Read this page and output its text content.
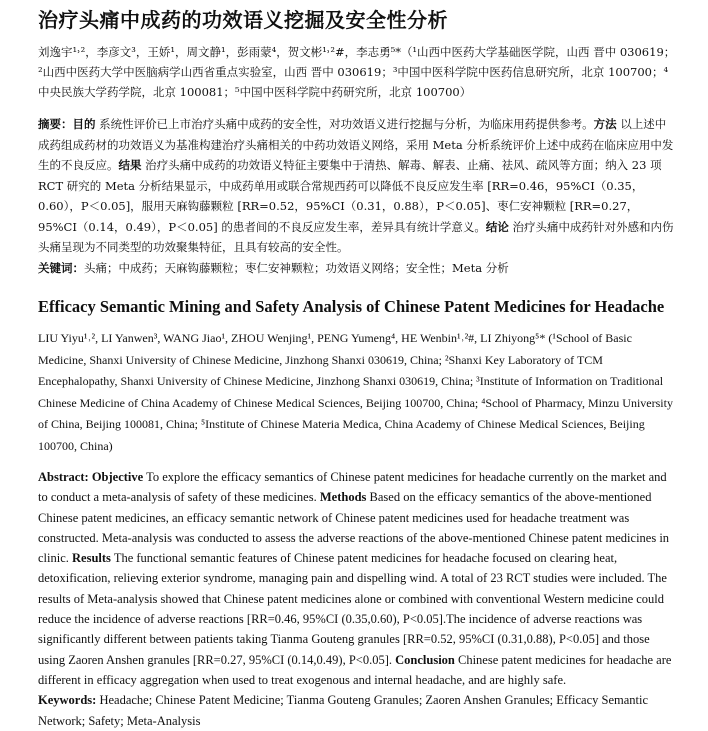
治疗头痛中成药的功效语义挖掘及安全性分析

刘逸宇¹˒²，李彦文³，王娇¹，周文静¹，彭雨蒙⁴，贺文彬¹˒²#，李志勇⁵*（¹山西中医药大学基础医学院，山西 晋中 030619；²山西中医药大学中医脑病学山西省重点实验室，山西 晋中 030619；³中国中医科学院中医药信息研究所，北京 100700；⁴中央民族大学药学院，北京 100081；⁵中国中医科学院中药研究所，北京 100700）

摘要：目的 系统性评价已上市治疗头痛中成药的安全性，对功效语义进行挖掘与分析，为临床用药提供参考。方法 以上述中成药组成药材的功效语义为基准构建治疗头痛相关的中药功效语义网络，采用 Meta 分析系统评价上述中成药在临床应用中发生的不良反应。结果 治疗头痛中成药的功效语义特征主要集中于清热、解毒、解表、止痛、祛风、疏风等方面；纳入 23 项 RCT 研究的 Meta 分析结果显示，中成药单用或联合常规西药可以降低不良反应发生率 [RR=0.46，95%CI（0.35，0.60），P＜0.05]，服用天麻钩藤颗粒 [RR=0.52，95%CI（0.31，0.88），P＜0.05]、枣仁安神颗粒 [RR=0.27，95%CI（0.14，0.49），P＜0.05] 的患者间的不良反应发生率，差异具有统计学意义。结论 治疗头痛中成药针对外感和内伤头痛呈现为不同类型的功效聚集特征，且具有较高的安全性。

关键词：头痛；中成药；天麻钩藤颗粒；枣仁安神颗粒；功效语义网络；安全性；Meta 分析

Efficacy Semantic Mining and Safety Analysis of Chinese Patent Medicines for Headache

LIU Yiyu¹˒², LI Yanwen³, WANG Jiao¹, ZHOU Wenjing¹, PENG Yumeng⁴, HE Wenbin¹˒²#, LI Zhiyong⁵* (¹School of Basic Medicine, Shanxi University of Chinese Medicine, Jinzhong Shanxi 030619, China; ²Shanxi Key Laboratory of TCM Encephalopathy, Shanxi University of Chinese Medicine, Jinzhong Shanxi 030619, China; ³Institute of Information on Traditional Chinese Medicine of China Academy of Chinese Medical Sciences, Beijing 100700, China; ⁴School of Pharmacy, Minzu University of China, Beijing 100081, China; ⁵Institute of Chinese Materia Medica, China Academy of Chinese Medical Sciences, Beijing 100700, China)

Abstract: Objective To explore the efficacy semantics of Chinese patent medicines for headache currently on the market and to conduct a meta-analysis of safety of these medicines. Methods Based on the efficacy semantics of the above-mentioned Chinese patent medicines, an efficacy semantic network of Chinese patent medicines used for headache treatment was constructed. Meta-analysis was conducted to assess the adverse reactions of the above-mentioned Chinese patent medicines in clinic. Results The functional semantic features of Chinese patent medicines for headache focused on clearing heat, detoxification, relieving exterior syndrome, managing pain and dispelling wind. A total of 23 RCT studies were included. The results of Meta-analysis showed that Chinese patent medicines alone or combined with conventional Western medicine could reduce the incidence of adverse reactions [RR=0.46, 95%CI (0.35,0.60), P<0.05].The incidence of adverse reactions was significantly different between patients taking Tianma Gouteng granules [RR=0.52, 95%CI (0.31,0.88), P<0.05] and those using Zaoren Anshen granules [RR=0.27, 95%CI (0.14,0.49), P<0.05]. Conclusion Chinese patent medicines for headache are different in efficacy aggregation when used to treat exogenous and internal headache, and are highly safe.

Keywords: Headache; Chinese Patent Medicine; Tianma Gouteng Granules; Zaoren Anshen Granules; Efficacy Semantic Network; Safety; Meta-Analysis
